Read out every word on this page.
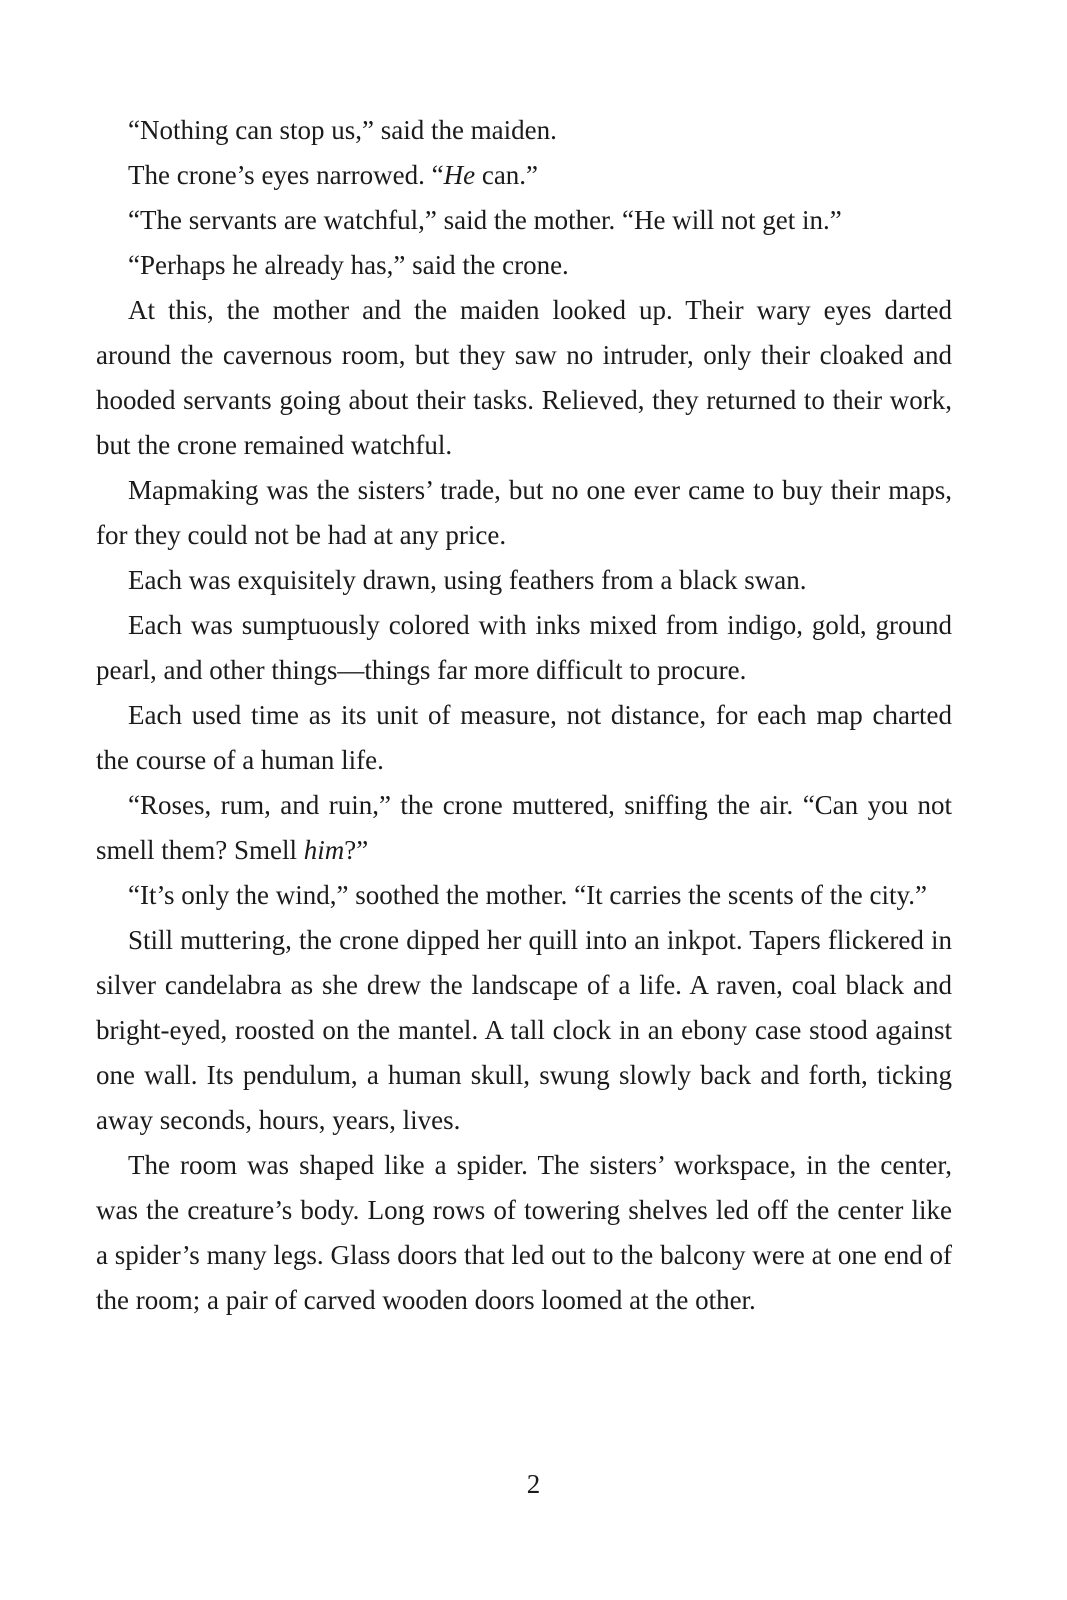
“Nothing can stop us,” said the maiden.

The crone’s eyes narrowed. “He can.”

“The servants are watchful,” said the mother. “He will not get in.”

“Perhaps he already has,” said the crone.

At this, the mother and the maiden looked up. Their wary eyes darted around the cavernous room, but they saw no intruder, only their cloaked and hooded servants going about their tasks. Relieved, they returned to their work, but the crone remained watchful.

Mapmaking was the sisters’ trade, but no one ever came to buy their maps, for they could not be had at any price.

Each was exquisitely drawn, using feathers from a black swan.

Each was sumptuously colored with inks mixed from indigo, gold, ground pearl, and other things—things far more difficult to procure.

Each used time as its unit of measure, not distance, for each map charted the course of a human life.

“Roses, rum, and ruin,” the crone muttered, sniffing the air. “Can you not smell them? Smell him?”

“It’s only the wind,” soothed the mother. “It carries the scents of the city.”

Still muttering, the crone dipped her quill into an inkpot. Tapers flickered in silver candelabra as she drew the landscape of a life. A raven, coal black and bright-eyed, roosted on the mantel. A tall clock in an ebony case stood against one wall. Its pendulum, a human skull, swung slowly back and forth, ticking away seconds, hours, years, lives.

The room was shaped like a spider. The sisters’ workspace, in the center, was the creature’s body. Long rows of towering shelves led off the center like a spider’s many legs. Glass doors that led out to the balcony were at one end of the room; a pair of carved wooden doors loomed at the other.

2
